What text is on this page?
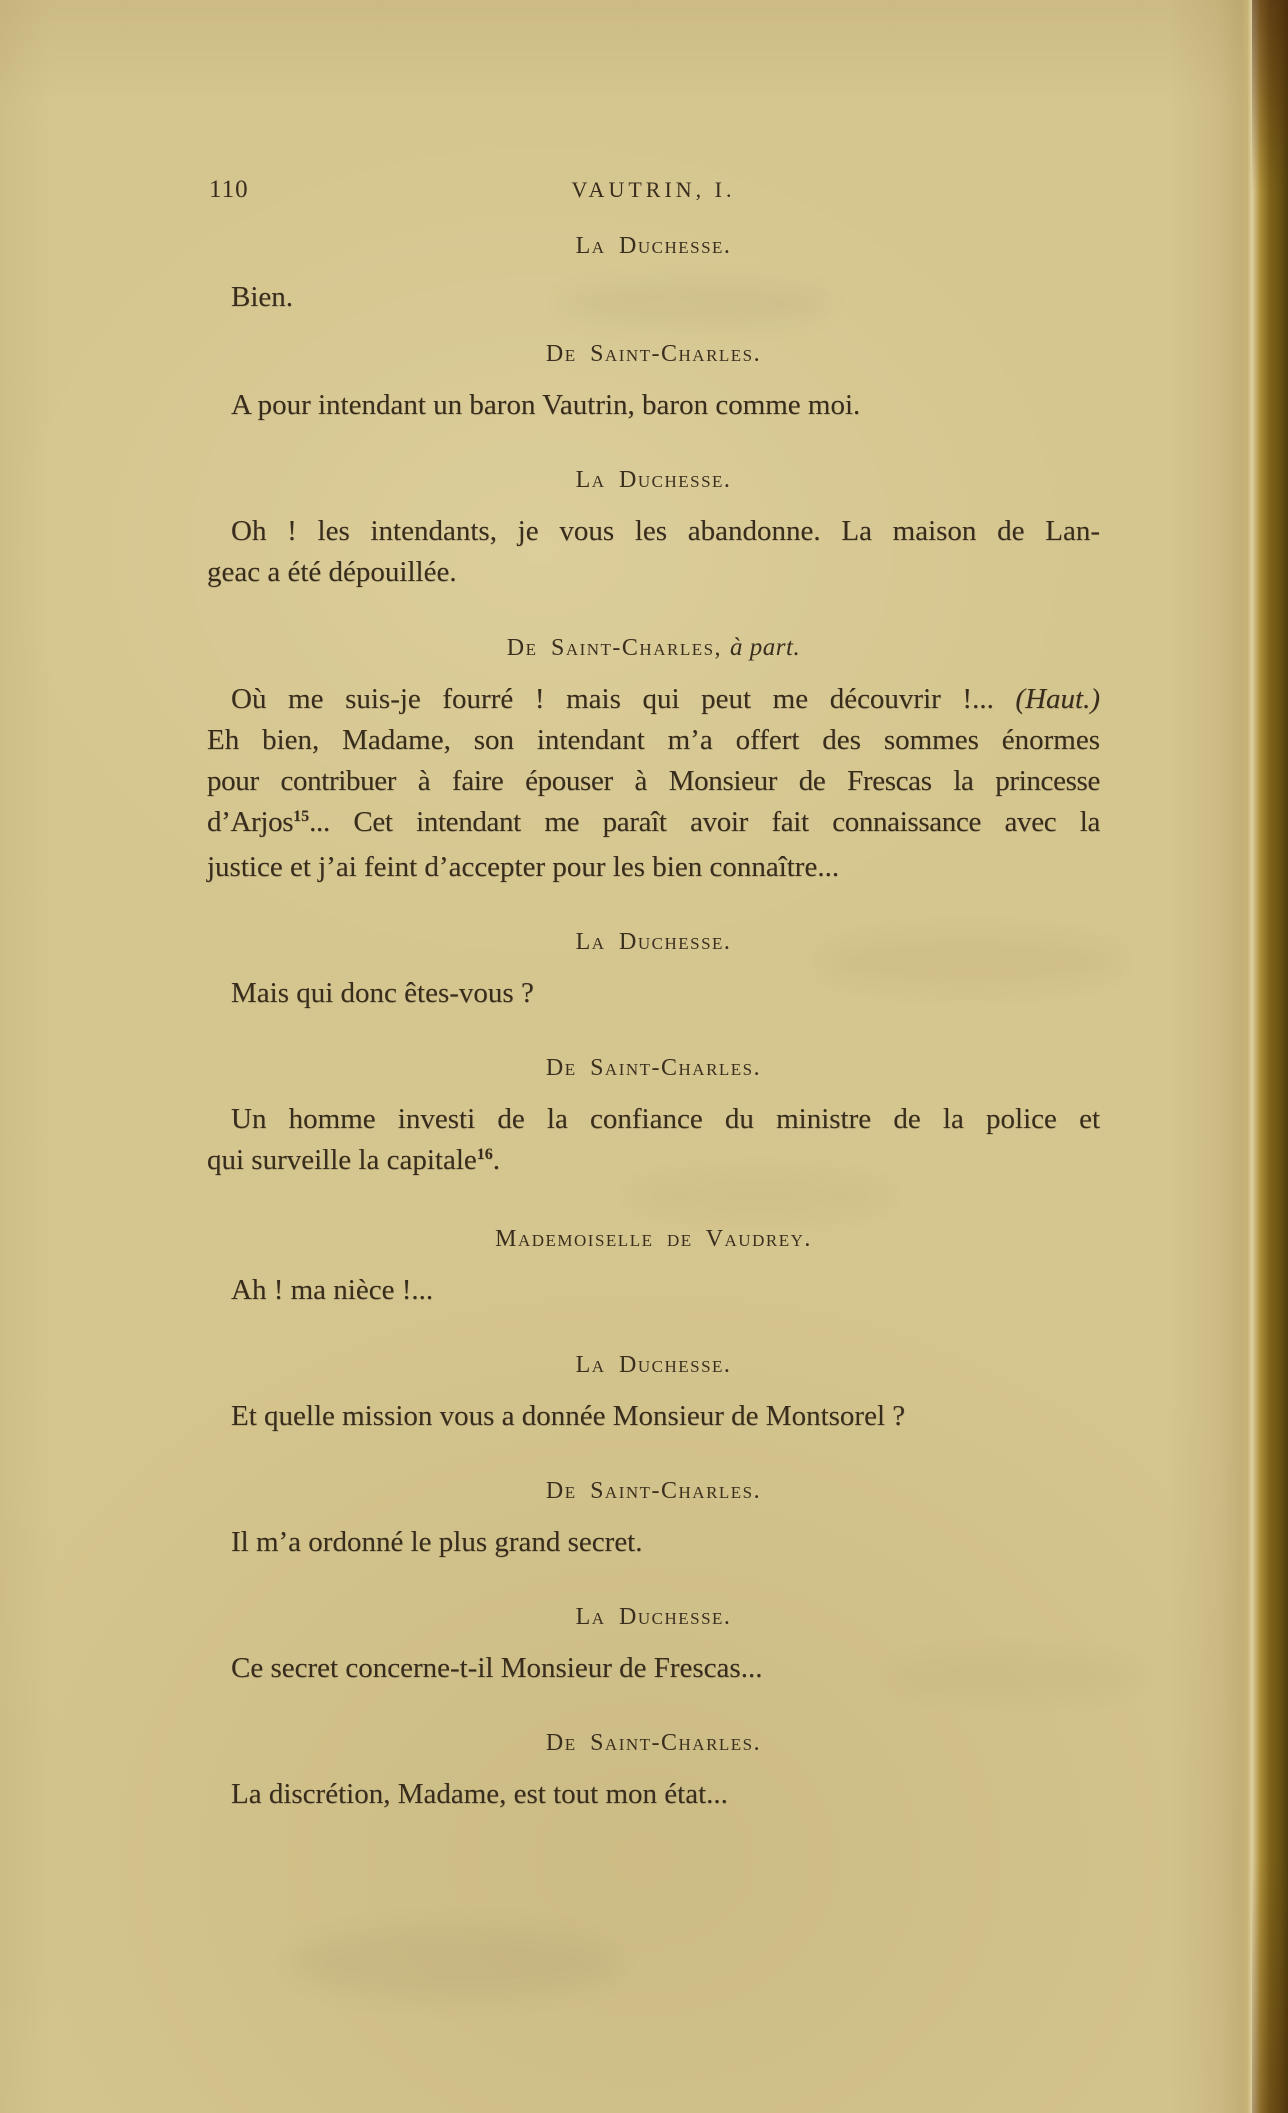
110	VAUTRIN, I.
La Duchesse.
Bien.
De Saint-Charles.
A pour intendant un baron Vautrin, baron comme moi.
La Duchesse.
Oh ! les intendants, je vous les abandonne. La maison de Lan-
geac a été dépouillée.
De Saint-Charles, à part.
Où me suis-je fourré ! mais qui peut me découvrir !... (Haut.)
Eh bien, Madame, son intendant m’a offert des sommes énormes
pour contribuer à faire épouser à Monsieur de Frescas la princesse
d’Arjos$^{15}$... Cet intendant me paraît avoir fait connaissance avec la
justice et j’ai feint d’accepter pour les bien connaître...
La Duchesse.
Mais qui donc êtes-vous ?
De Saint-Charles.
Un homme investi de la confiance du ministre de la police et
qui surveille la capitale$^{16}$.
Mademoiselle de Vaudrey.
Ah ! ma nièce !...
La Duchesse.
Et quelle mission vous a donnée Monsieur de Montsorel ?
De Saint-Charles.
Il m’a ordonné le plus grand secret.
La Duchesse.
Ce secret concerne-t-il Monsieur de Frescas...
De Saint-Charles.
La discrétion, Madame, est tout mon état...
